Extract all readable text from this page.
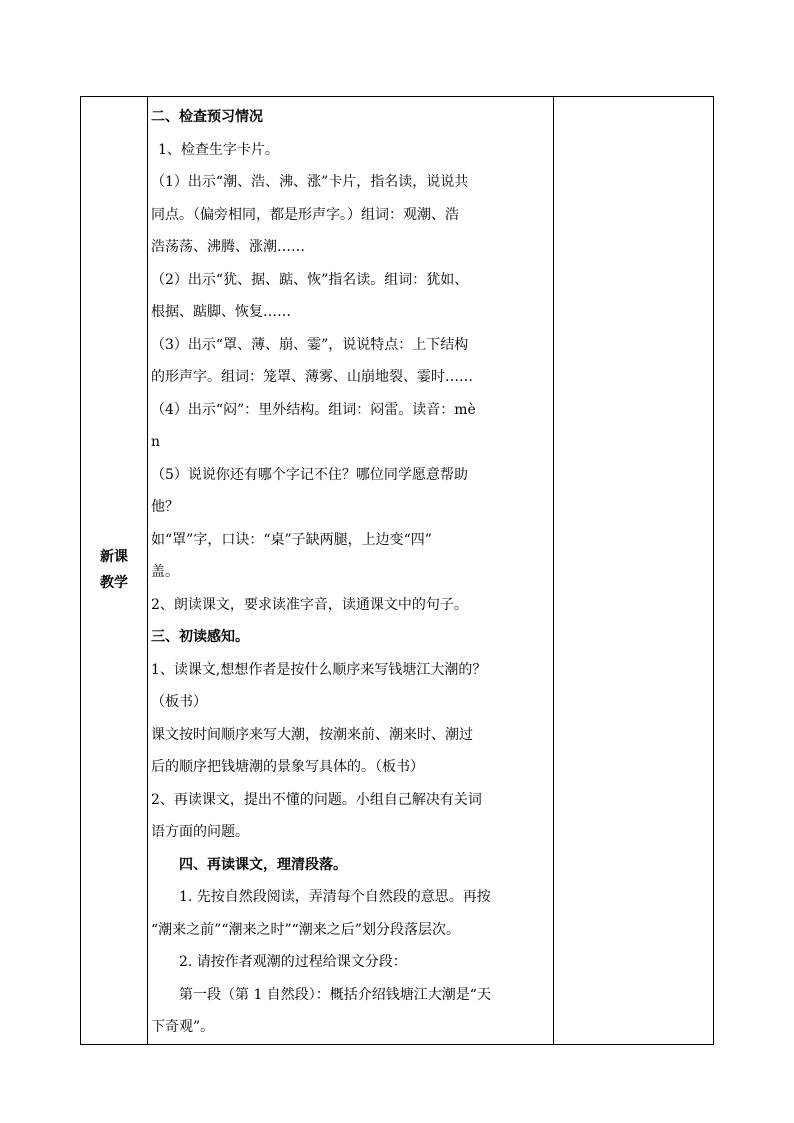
新课
教学

二、检查预习情况
1、检查生字卡片。
（1）出示“潮、浩、沸、涨”卡片，指名读，说说共
同点。（偏旁相同，都是形声字。）组词：观潮、浩
浩荡荡、沸腾、涨潮……
（2）出示“犹、据、踮、恢”指名读。组词：犹如、
根据、踮脚、恢复……
（3）出示“罩、薄、崩、霎”，说说特点：上下结构
的形声字。组词：笼罩、薄雾、山崩地裂、霎时……
（4）出示“闷”：里外结构。组词：闷雷。读音：mè
n
（5）说说你还有哪个字记不住？哪位同学愿意帮助
他？
如“罩”字，口诀：“桌”子缺两腿，上边变“四”
盖。
2、朗读课文，要求读准字音，读通课文中的句子。
三、初读感知。
1、读课文,想想作者是按什么顺序来写钱塘江大潮的？
（板书）
课文按时间顺序来写大潮，按潮来前、潮来时、潮过
后的顺序把钱塘潮的景象写具体的。（板书）
2、再读课文，提出不懂的问题。小组自己解决有关词
语方面的问题。
四、再读课文，理清段落。
1. 先按自然段阅读，弄清每个自然段的意思。再按
“潮来之前”“潮来之时”“潮来之后”划分段落层次。
2. 请按作者观潮的过程给课文分段：
第一段（第 1 自然段）：概括介绍钱塘江大潮是“天
下奇观”。
